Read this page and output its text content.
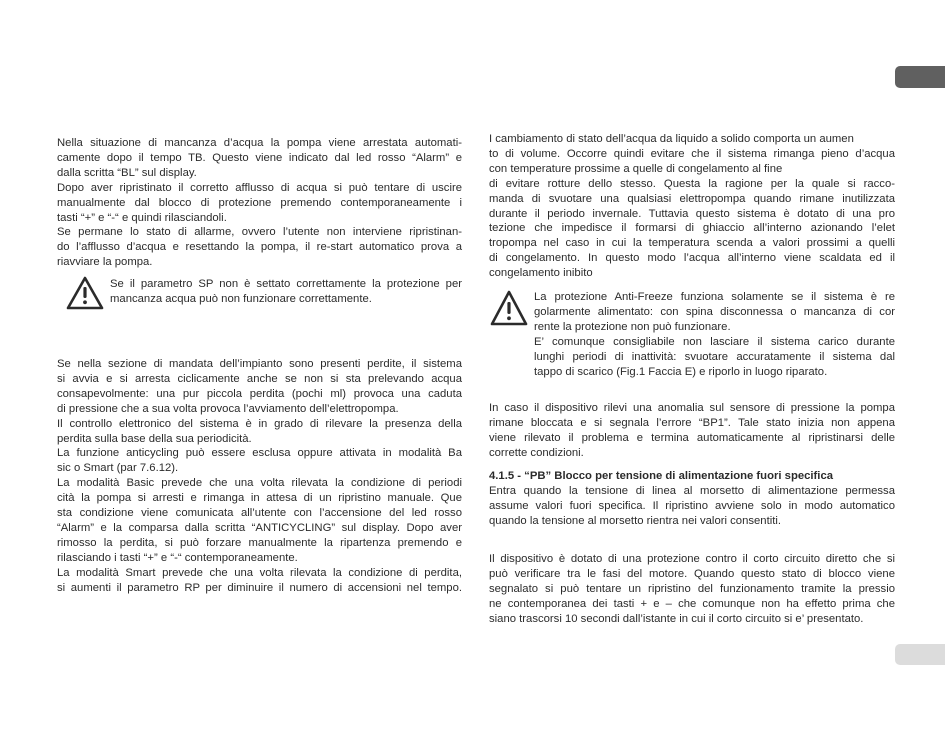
Nella situazione di mancanza d’acqua la pompa viene arrestata automati-
camente dopo il tempo TB. Questo viene indicato dal led rosso “Alarm” e
dalla scritta “BL” sul display.
Dopo aver ripristinato il corretto afflusso di acqua si può tentare di uscire
manualmente dal blocco di protezione premendo contemporaneamente i
tasti “+” e “-“ e quindi rilasciandoli.
Se permane lo stato di allarme, ovvero l’utente non interviene ripristinan-
do l’afflusso d’acqua e resettando la pompa, il re-start automatico prova a
riavviare la pompa.
Se il parametro SP non è settato correttamente la protezione per
mancanza acqua può non funzionare correttamente.
Se nella sezione di mandata dell’impianto sono presenti perdite, il sistema
si avvia e si arresta ciclicamente anche se non si sta prelevando acqua
consapevolmente: una pur piccola perdita (pochi ml) provoca una caduta
di pressione che a sua volta provoca l’avviamento dell’elettropompa.
Il controllo elettronico del sistema è in grado di rilevare la presenza della
perdita sulla base della sua periodicità.
La funzione anticycling può essere esclusa oppure attivata in modalità Ba
sic o Smart (par 7.6.12).
La modalità Basic prevede che una volta rilevata la condizione di periodi
cità la pompa si arresti e rimanga in attesa di un ripristino manuale. Que
sta condizione viene comunicata all’utente con l’accensione del led rosso
“Alarm” e la comparsa dalla scritta “ANTICYCLING” sul display. Dopo aver
rimosso la perdita, si può forzare manualmente la ripartenza premendo e
rilasciando i tasti “+” e “-“ contemporaneamente.
La modalità Smart prevede che una volta rilevata la condizione di perdita,
si aumenti il parametro RP per diminuire il numero di accensioni nel tempo.
I cambiamento di stato dell’acqua da liquido a solido comporta un aumen
to di volume. Occorre quindi evitare che il sistema rimanga pieno d’acqua
con temperature prossime a quelle di congelamento al fine
di evitare rotture dello stesso. Questa la ragione per la quale si racco-
manda di svuotare una qualsiasi elettropompa quando rimane inutilizzata
durante il periodo invernale. Tuttavia questo sistema è dotato di una pro
tezione che impedisce il formarsi di ghiaccio all’interno azionando l’elet
tropompa nel caso in cui la temperatura scenda a valori prossimi a quelli
di congelamento. In questo modo l’acqua all’interno viene scaldata ed il
congelamento inibito
La protezione Anti-Freeze funziona solamente se il sistema è re
golarmente alimentato: con spina disconnessa o mancanza di cor
rente la protezione non può funzionare.
E’ comunque consigliabile non lasciare il sistema carico durante
lunghi periodi di inattività: svuotare accuratamente il sistema dal
tappo di scarico (Fig.1 Faccia E) e riporlo in luogo riparato.
In caso il dispositivo rilevi una anomalia sul sensore di pressione la pompa
rimane bloccata e si segnala l’errore “BP1”. Tale stato inizia non appena
viene rilevato il problema e termina automaticamente al ripristinarsi delle
corrette condizioni.
4.1.5 - “PB” Blocco per tensione di alimentazione fuori specifica
Entra quando la tensione di linea al morsetto di alimentazione permessa
assume valori fuori specifica. Il ripristino avviene solo in modo automatico
quando la tensione al morsetto rientra nei valori consentiti.
Il dispositivo è dotato di una protezione contro il corto circuito diretto che si
può verificare tra le fasi del motore. Quando questo stato di blocco viene
segnalato si può tentare un ripristino del funzionamento tramite la pressio
ne contemporanea dei tasti + e – che comunque non ha effetto prima che
siano trascorsi 10 secondi dall’istante in cui il corto circuito si e’ presentato.
